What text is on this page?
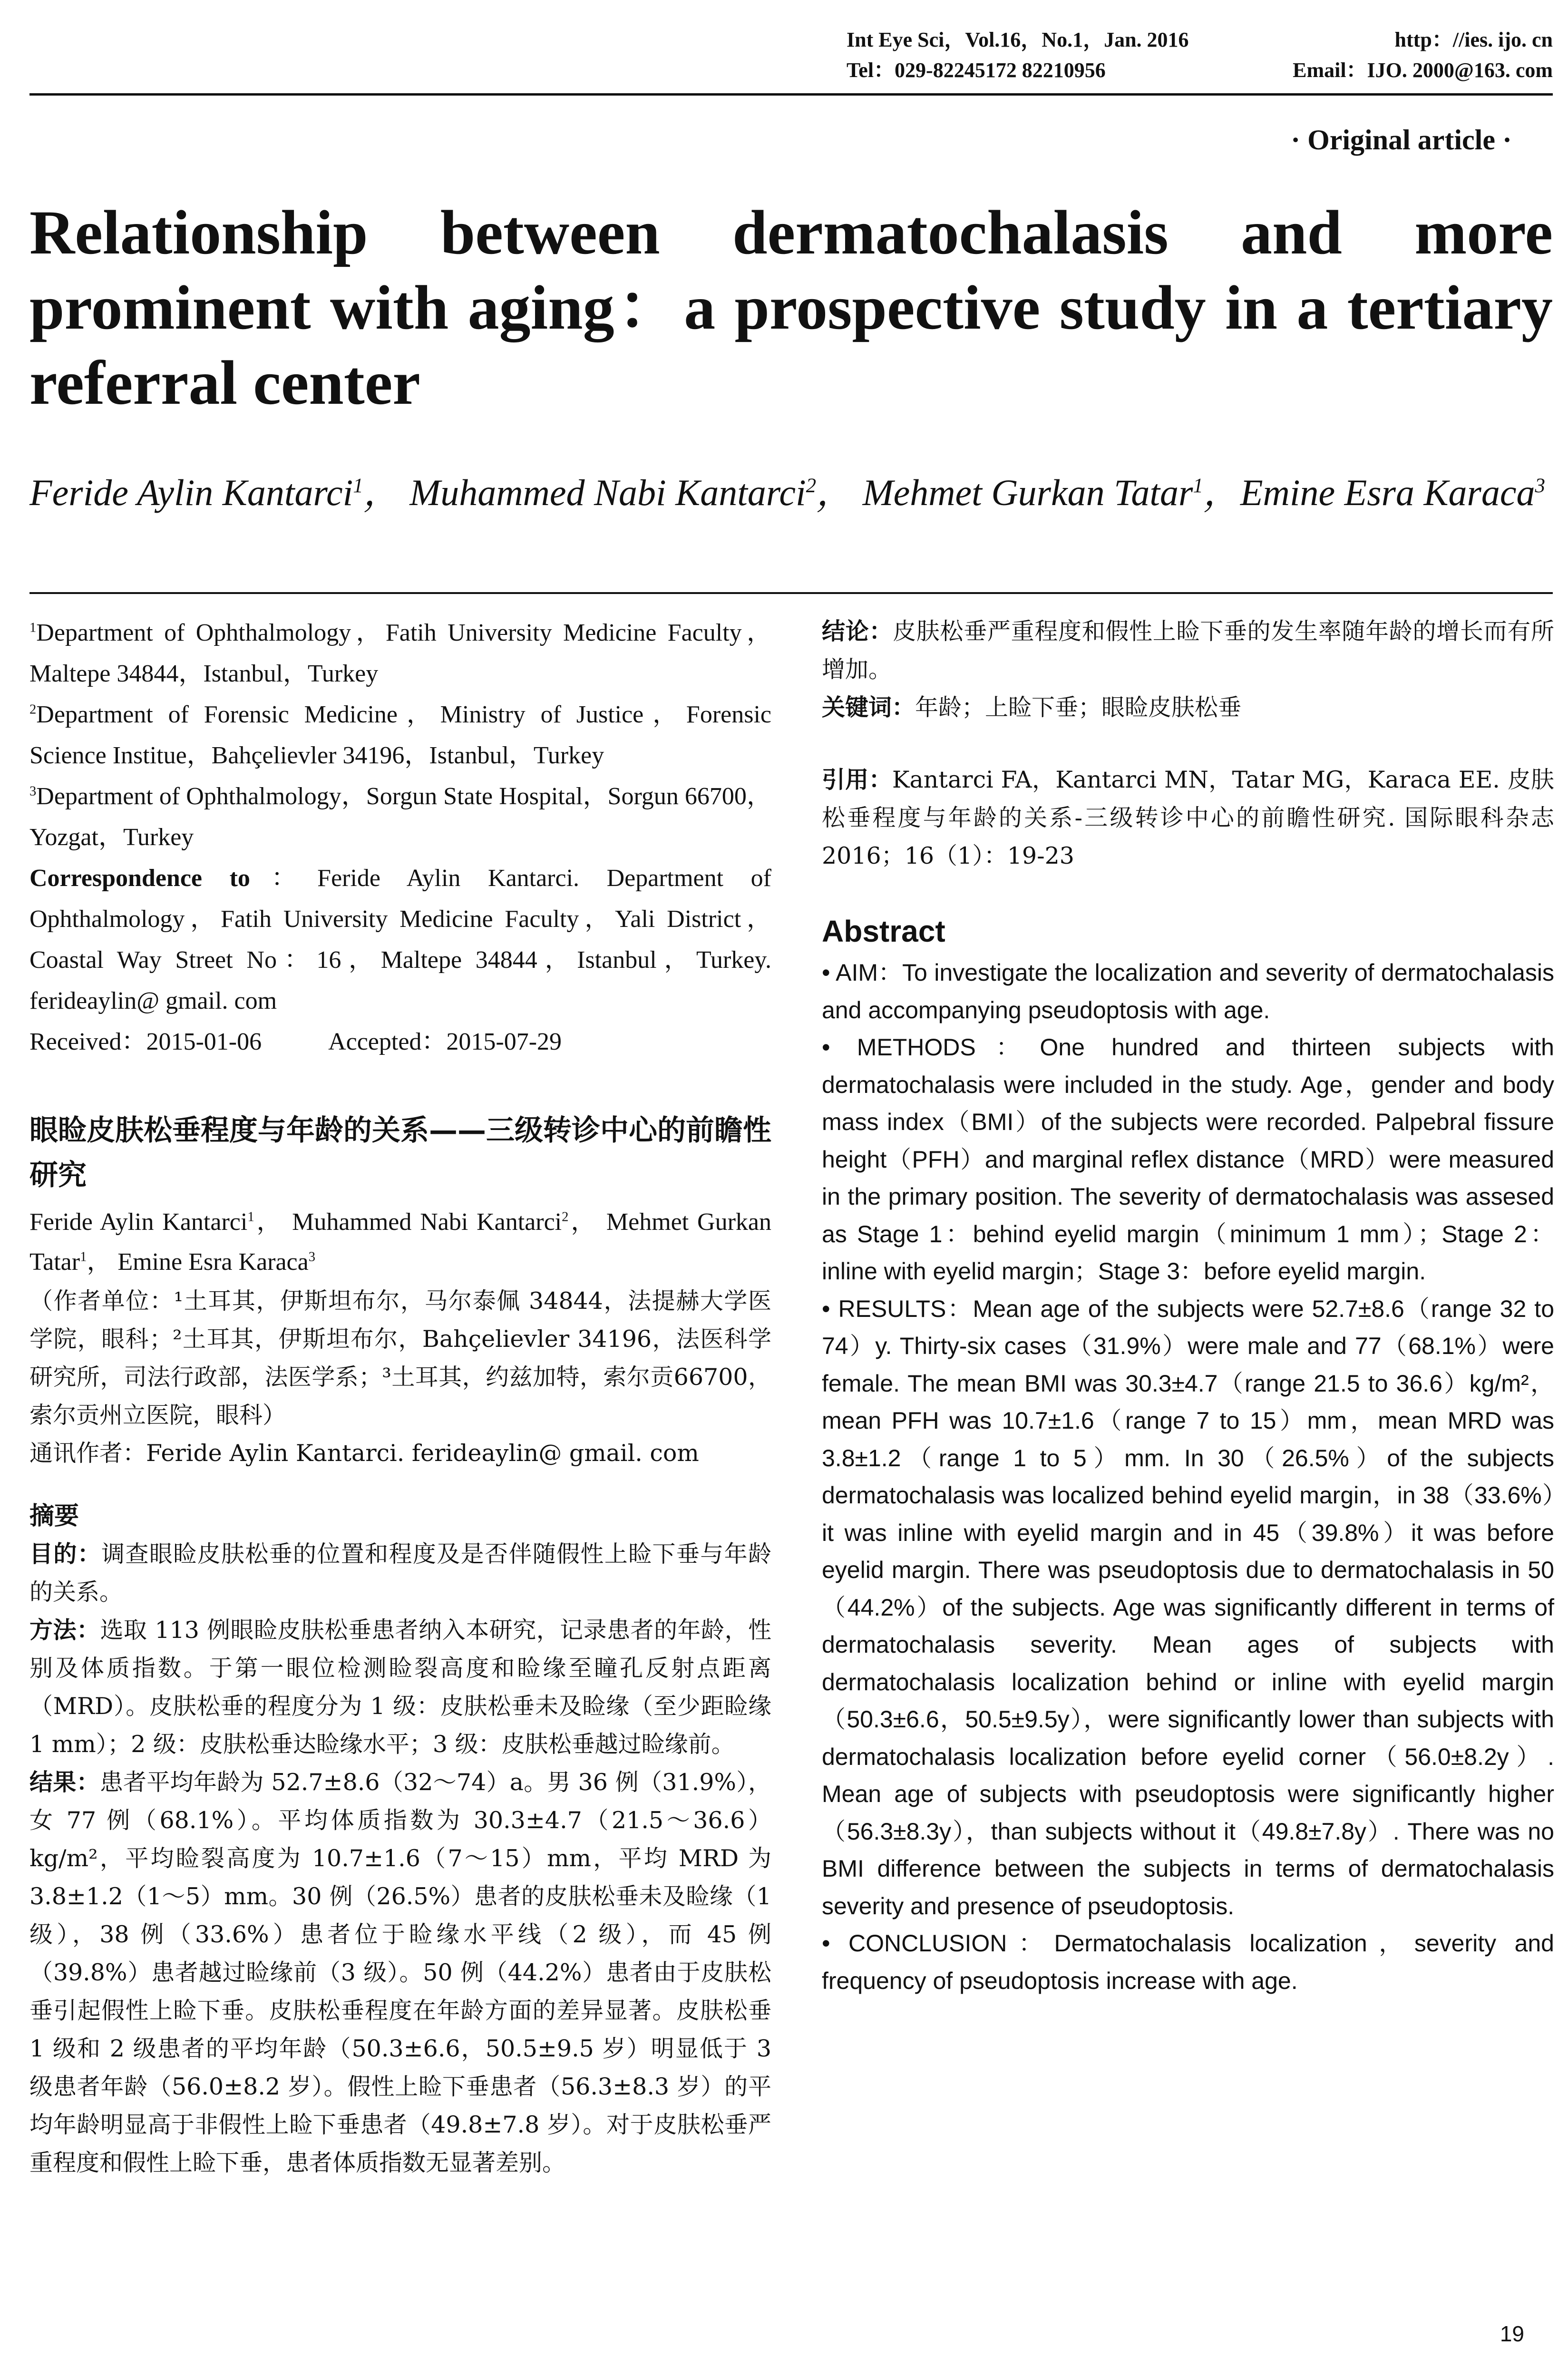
Int Eye Sci，Vol.16，No.1，Jan. 2016	http：//ies. ijo. cn
Tel：029-82245172 82210956	Email：IJO. 2000@163. com
· Original article ·
Relationship between dermatochalasis and more prominent with aging：a prospective study in a tertiary referral center
Feride Aylin Kantarci$^1$， Muhammed Nabi Kantarci$^2$， Mehmet Gurkan Tatar$^1$，Emine Esra Karaca$^3$

$^1$Department of Ophthalmology，Fatih University Medicine Faculty，Maltepe 34844，Istanbul，Turkey

$^2$Department of Forensic Medicine，Ministry of Justice，Forensic Science Institue，Bahçelievler 34196，Istanbul，Turkey

$^3$Department of Ophthalmology，Sorgun State Hospital，Sorgun 66700，Yozgat，Turkey

Correspondence to：Feride Aylin Kantarci. Department of Ophthalmology，Fatih University Medicine Faculty，Yali District，Coastal Way Street No：16，Maltepe 34844，Istanbul，Turkey. ferideaylin@ gmail. com

Received：2015-01-06	Accepted：2015-07-29
眼睑皮肤松垂程度与年龄的关系——三级转诊中心的前瞻性研究

Feride Aylin Kantarci$^1$， Muhammed Nabi Kantarci$^2$， Mehmet Gurkan Tatar$^1$， Emine Esra Karaca$^3$

（作者单位：¹土耳其，伊斯坦布尔，马尔泰佩 34844，法提赫大学医学院，眼科；²土耳其，伊斯坦布尔，Bahçelievler 34196，法医科学研究所，司法行政部，法医学系；³土耳其，约兹加特，索尔贡66700，索尔贡州立医院，眼科）

通讯作者：Feride Aylin Kantarci. ferideaylin@ gmail. com

摘要

目的：调查眼睑皮肤松垂的位置和程度及是否伴随假性上睑下垂与年龄的关系。

方法：选取 113 例眼睑皮肤松垂患者纳入本研究，记录患者的年龄，性别及体质指数。于第一眼位检测睑裂高度和睑缘至瞳孔反射点距离（MRD）。皮肤松垂的程度分为 1 级：皮肤松垂未及睑缘（至少距睑缘 1 mm）；2 级：皮肤松垂达睑缘水平；3 级：皮肤松垂越过睑缘前。

结果：患者平均年龄为 52.7±8.6（32～74）a。男 36 例（31.9%），女 77 例（68.1%）。平均体质指数为 30.3±4.7（21.5～36.6）kg/m²，平均睑裂高度为 10.7±1.6（7～15）mm，平均 MRD 为 3.8±1.2（1～5）mm。30 例（26.5%）患者的皮肤松垂未及睑缘（1 级），38 例（33.6%）患者位于睑缘水平线（2 级），而 45 例（39.8%）患者越过睑缘前（3 级）。50 例（44.2%）患者由于皮肤松垂引起假性上睑下垂。皮肤松垂程度在年龄方面的差异显著。皮肤松垂 1 级和 2 级患者的平均年龄（50.3±6.6，50.5±9.5 岁）明显低于 3 级患者年龄（56.0±8.2 岁）。假性上睑下垂患者（56.3±8.3 岁）的平均年龄明显高于非假性上睑下垂患者（49.8±7.8 岁）。对于皮肤松垂严重程度和假性上睑下垂，患者体质指数无显著差别。

结论：皮肤松垂严重程度和假性上睑下垂的发生率随年龄的增长而有所增加。

关键词：年龄；上睑下垂；眼睑皮肤松垂

引用：Kantarci FA，Kantarci MN，Tatar MG，Karaca EE. 皮肤松垂程度与年龄的关系-三级转诊中心的前瞻性研究. 国际眼科杂志 2016；16（1）：19-23

Abstract

• AIM：To investigate the localization and severity of dermatochalasis and accompanying pseudoptosis with age.

• METHODS：One hundred and thirteen subjects with dermatochalasis were included in the study. Age，gender and body mass index（BMI）of the subjects were recorded. Palpebral fissure height（PFH）and marginal reflex distance（MRD）were measured in the primary position. The severity of dermatochalasis was assesed as Stage 1：behind eyelid margin（minimum 1 mm）；Stage 2：inline with eyelid margin；Stage 3：before eyelid margin.

• RESULTS：Mean age of the subjects were 52.7±8.6（range 32 to 74）y. Thirty-six cases（31.9%）were male and 77（68.1%）were female. The mean BMI was 30.3±4.7（range 21.5 to 36.6）kg/m²，mean PFH was 10.7±1.6（range 7 to 15）mm，mean MRD was 3.8±1.2（range 1 to 5）mm. In 30（26.5%）of the subjects dermatochalasis was localized behind eyelid margin，in 38（33.6%）it was inline with eyelid margin and in 45（39.8%）it was before eyelid margin. There was pseudoptosis due to dermatochalasis in 50（44.2%）of the subjects. Age was significantly different in terms of dermatochalasis severity. Mean ages of subjects with dermatochalasis localization behind or inline with eyelid margin（50.3±6.6，50.5±9.5y），were significantly lower than subjects with dermatochalasis localization before eyelid corner（56.0±8.2y）. Mean age of subjects with pseudoptosis were significantly higher（56.3±8.3y），than subjects without it（49.8±7.8y）. There was no BMI difference between the subjects in terms of dermatochalasis severity and presence of pseudoptosis.

• CONCLUSION：Dermatochalasis localization，severity and frequency of pseudoptosis increase with age.

19
